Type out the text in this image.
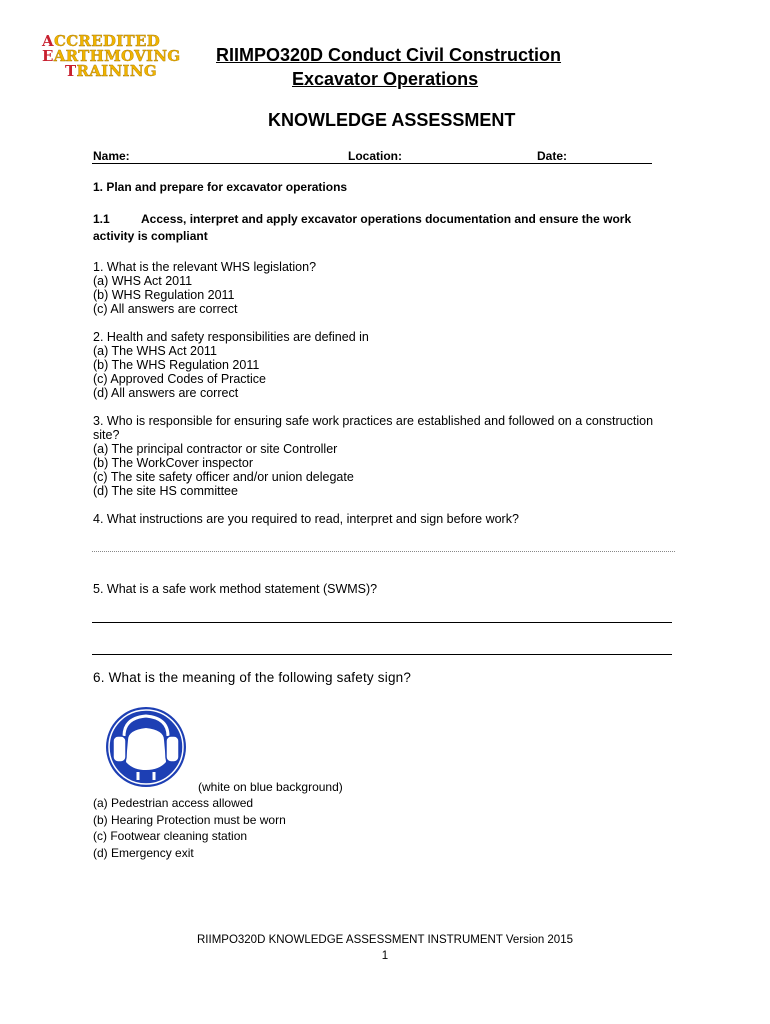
ACCREDITED
EARTHMOVING
TRAINING
RIIMPO320D Conduct Civil Construction
Excavator Operations
KNOWLEDGE ASSESSMENT
Name:	Location:	Date:
1. Plan and prepare for excavator operations
1.1	Access, interpret and apply excavator operations documentation and ensure the work
activity is compliant
1. What is the relevant WHS legislation?
(a) WHS Act 2011
(b) WHS Regulation 2011
(c) All answers are correct
2. Health and safety responsibilities are defined in
(a) The WHS Act 2011
(b) The WHS Regulation 2011
(c) Approved Codes of Practice
(d) All answers are correct
3. Who is responsible for ensuring safe work practices are established and followed on a construction
site?
(a) The principal contractor or site Controller
(b) The WorkCover inspector
(c) The site safety officer and/or union delegate
(d) The site HS committee
4. What instructions are you required to read, interpret and sign before work?
5. What is a safe work method statement (SWMS)?
6. What is the meaning of the following safety sign?
(white on blue background)
(a) Pedestrian access allowed
(b) Hearing Protection must be worn
(c) Footwear cleaning station
(d) Emergency exit
RIIMPO320D KNOWLEDGE ASSESSMENT INSTRUMENT Version 2015
1
